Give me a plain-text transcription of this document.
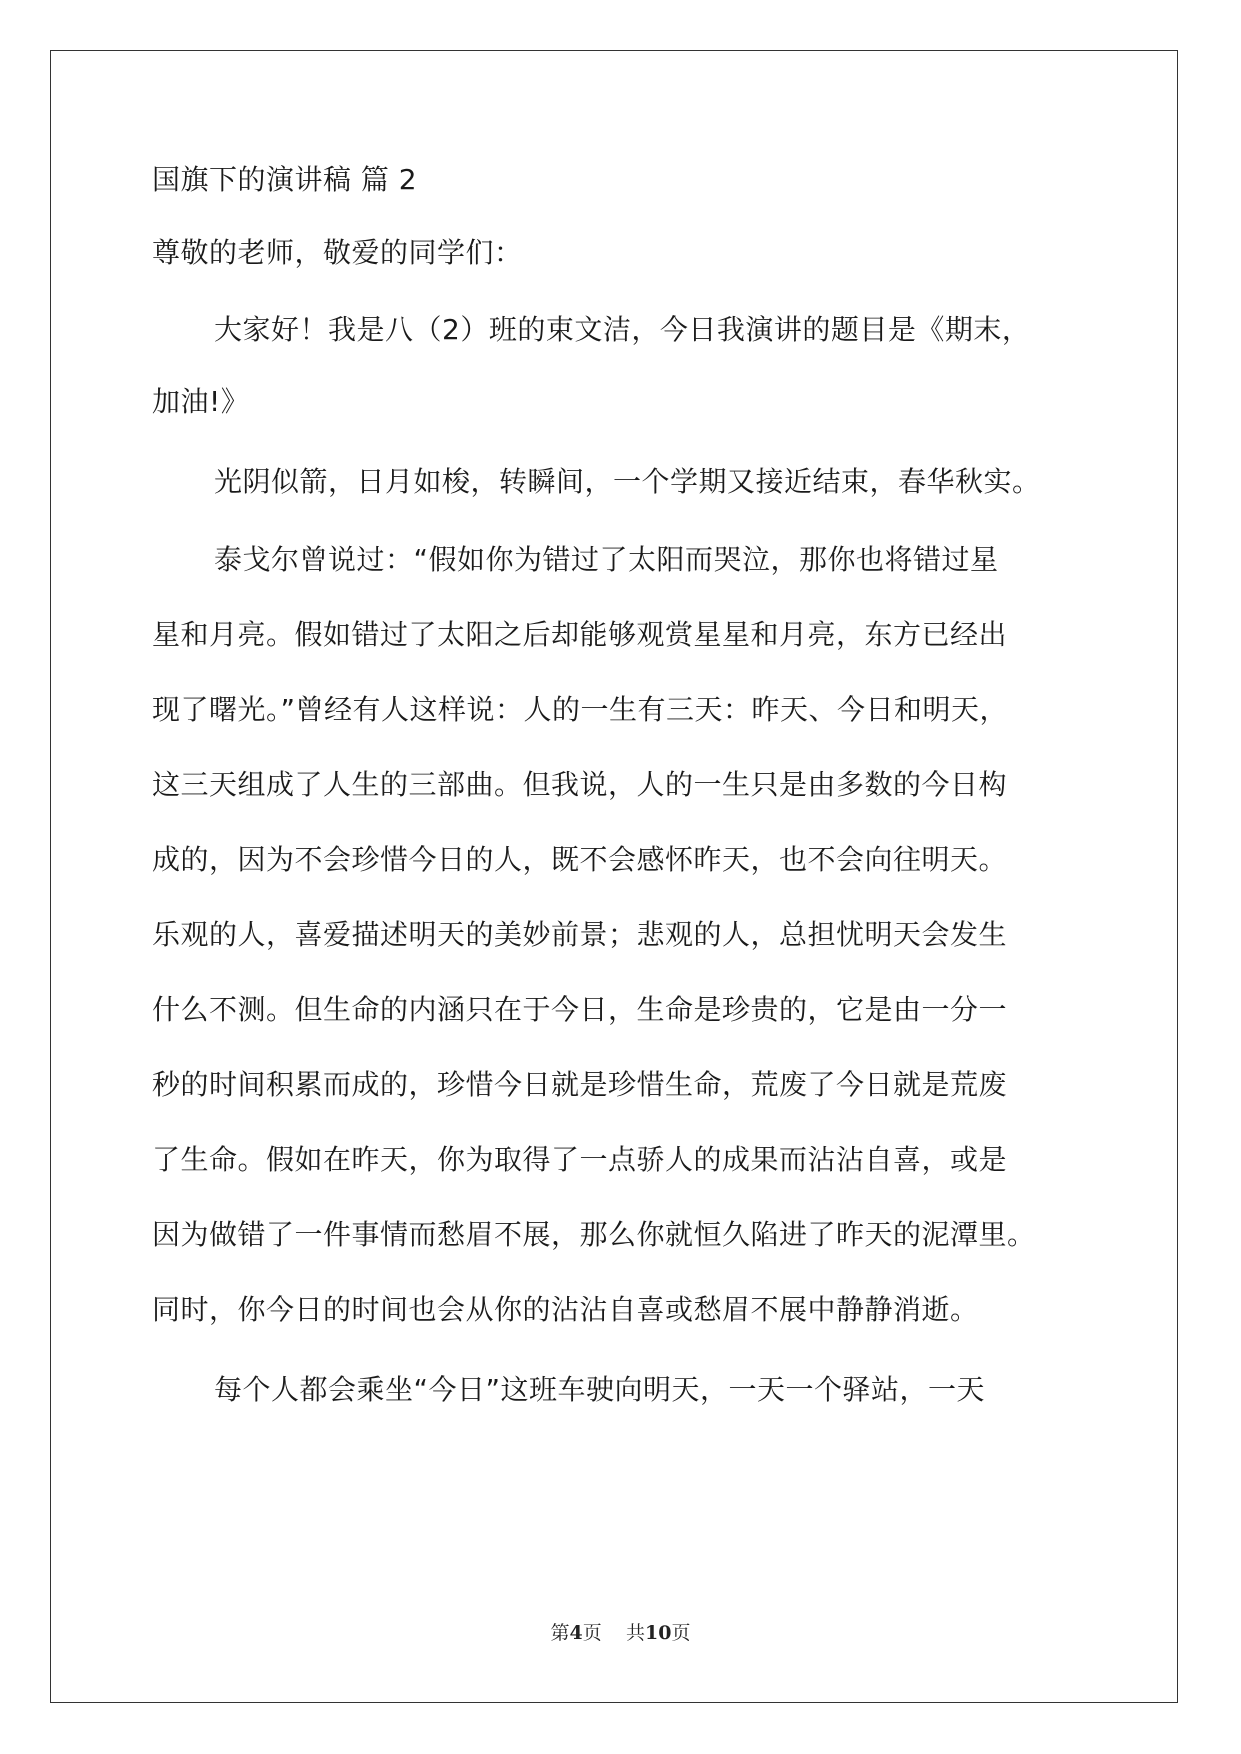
国旗下的演讲稿 篇 2
尊敬的老师，敬爱的同学们：
大家好！我是八（2）班的束文洁，今日我演讲的题目是《期末，
加油!》
光阴似箭，日月如梭，转瞬间，一个学期又接近结束，春华秋实。
泰戈尔曾说过：“假如你为错过了太阳而哭泣，那你也将错过星
星和月亮。假如错过了太阳之后却能够观赏星星和月亮，东方已经出
现了曙光。”曾经有人这样说：人的一生有三天：昨天、今日和明天，
这三天组成了人生的三部曲。但我说，人的一生只是由多数的今日构
成的，因为不会珍惜今日的人，既不会感怀昨天，也不会向往明天。
乐观的人，喜爱描述明天的美妙前景；悲观的人，总担忧明天会发生
什么不测。但生命的内涵只在于今日，生命是珍贵的，它是由一分一
秒的时间积累而成的，珍惜今日就是珍惜生命，荒废了今日就是荒废
了生命。假如在昨天，你为取得了一点骄人的成果而沾沾自喜，或是
因为做错了一件事情而愁眉不展，那么你就恒久陷进了昨天的泥潭里。
同时，你今日的时间也会从你的沾沾自喜或愁眉不展中静静消逝。
每个人都会乘坐“今日”这班车驶向明天，一天一个驿站，一天
第4页 共10页
